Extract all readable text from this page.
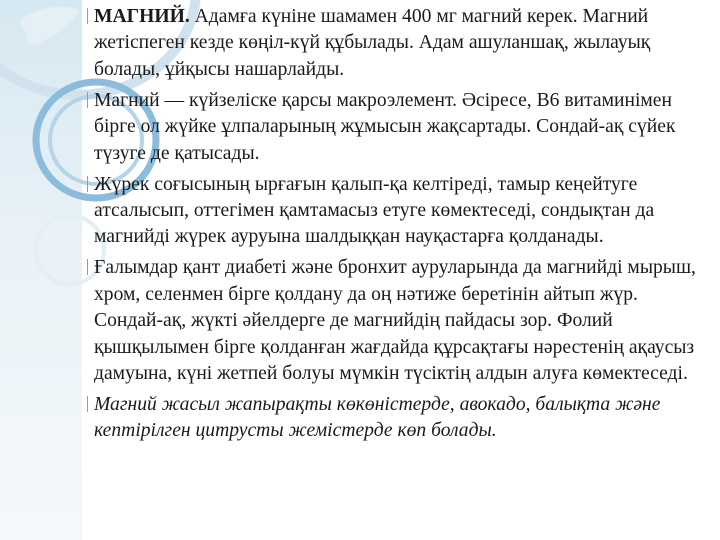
МАГНИЙ. Адамға күніне шамамен 400 мг магний керек. Магний жетіспеген кезде көңіл-күй құбылады. Адам ашуланшақ, жылауық болады, ұйқысы нашарлайды.

Магний — күйзеліске қарсы макроэлемент. Әсіресе, В6 витаминімен бірге ол жүйке ұлпаларының жұмысын жақсартады. Сондай-ақ сүйек түзуге де қатысады.

Жүрек соғысының ырғағын қалып-қа келтіреді, тамыр кеңейтуге атсалысып, оттегімен қамтамасыз етуге көмектеседі, сондықтан да магнийді жүрек ауруына шалдыққан науқастарға қолданады.

Ғалымдар қант диабеті және бронхит ауруларында да магнийді мырыш, хром, селенмен бірге қолдану да оң нәтиже беретінін айтып жүр. Сондай-ақ, жүкті әйелдерге де магнийдің пайдасы зор. Фолий қышқылымен бірге қолданған жағдайда құрсақтағы нәрестенің ақаусыз дамуына, күні жетпей болуы мүмкін түсіктің алдын алуға көмектеседі.

Магний жасыл жапырақты көкөністерде, авокадо, балықта және кептірілген цитрусты жемістерде көп болады.
